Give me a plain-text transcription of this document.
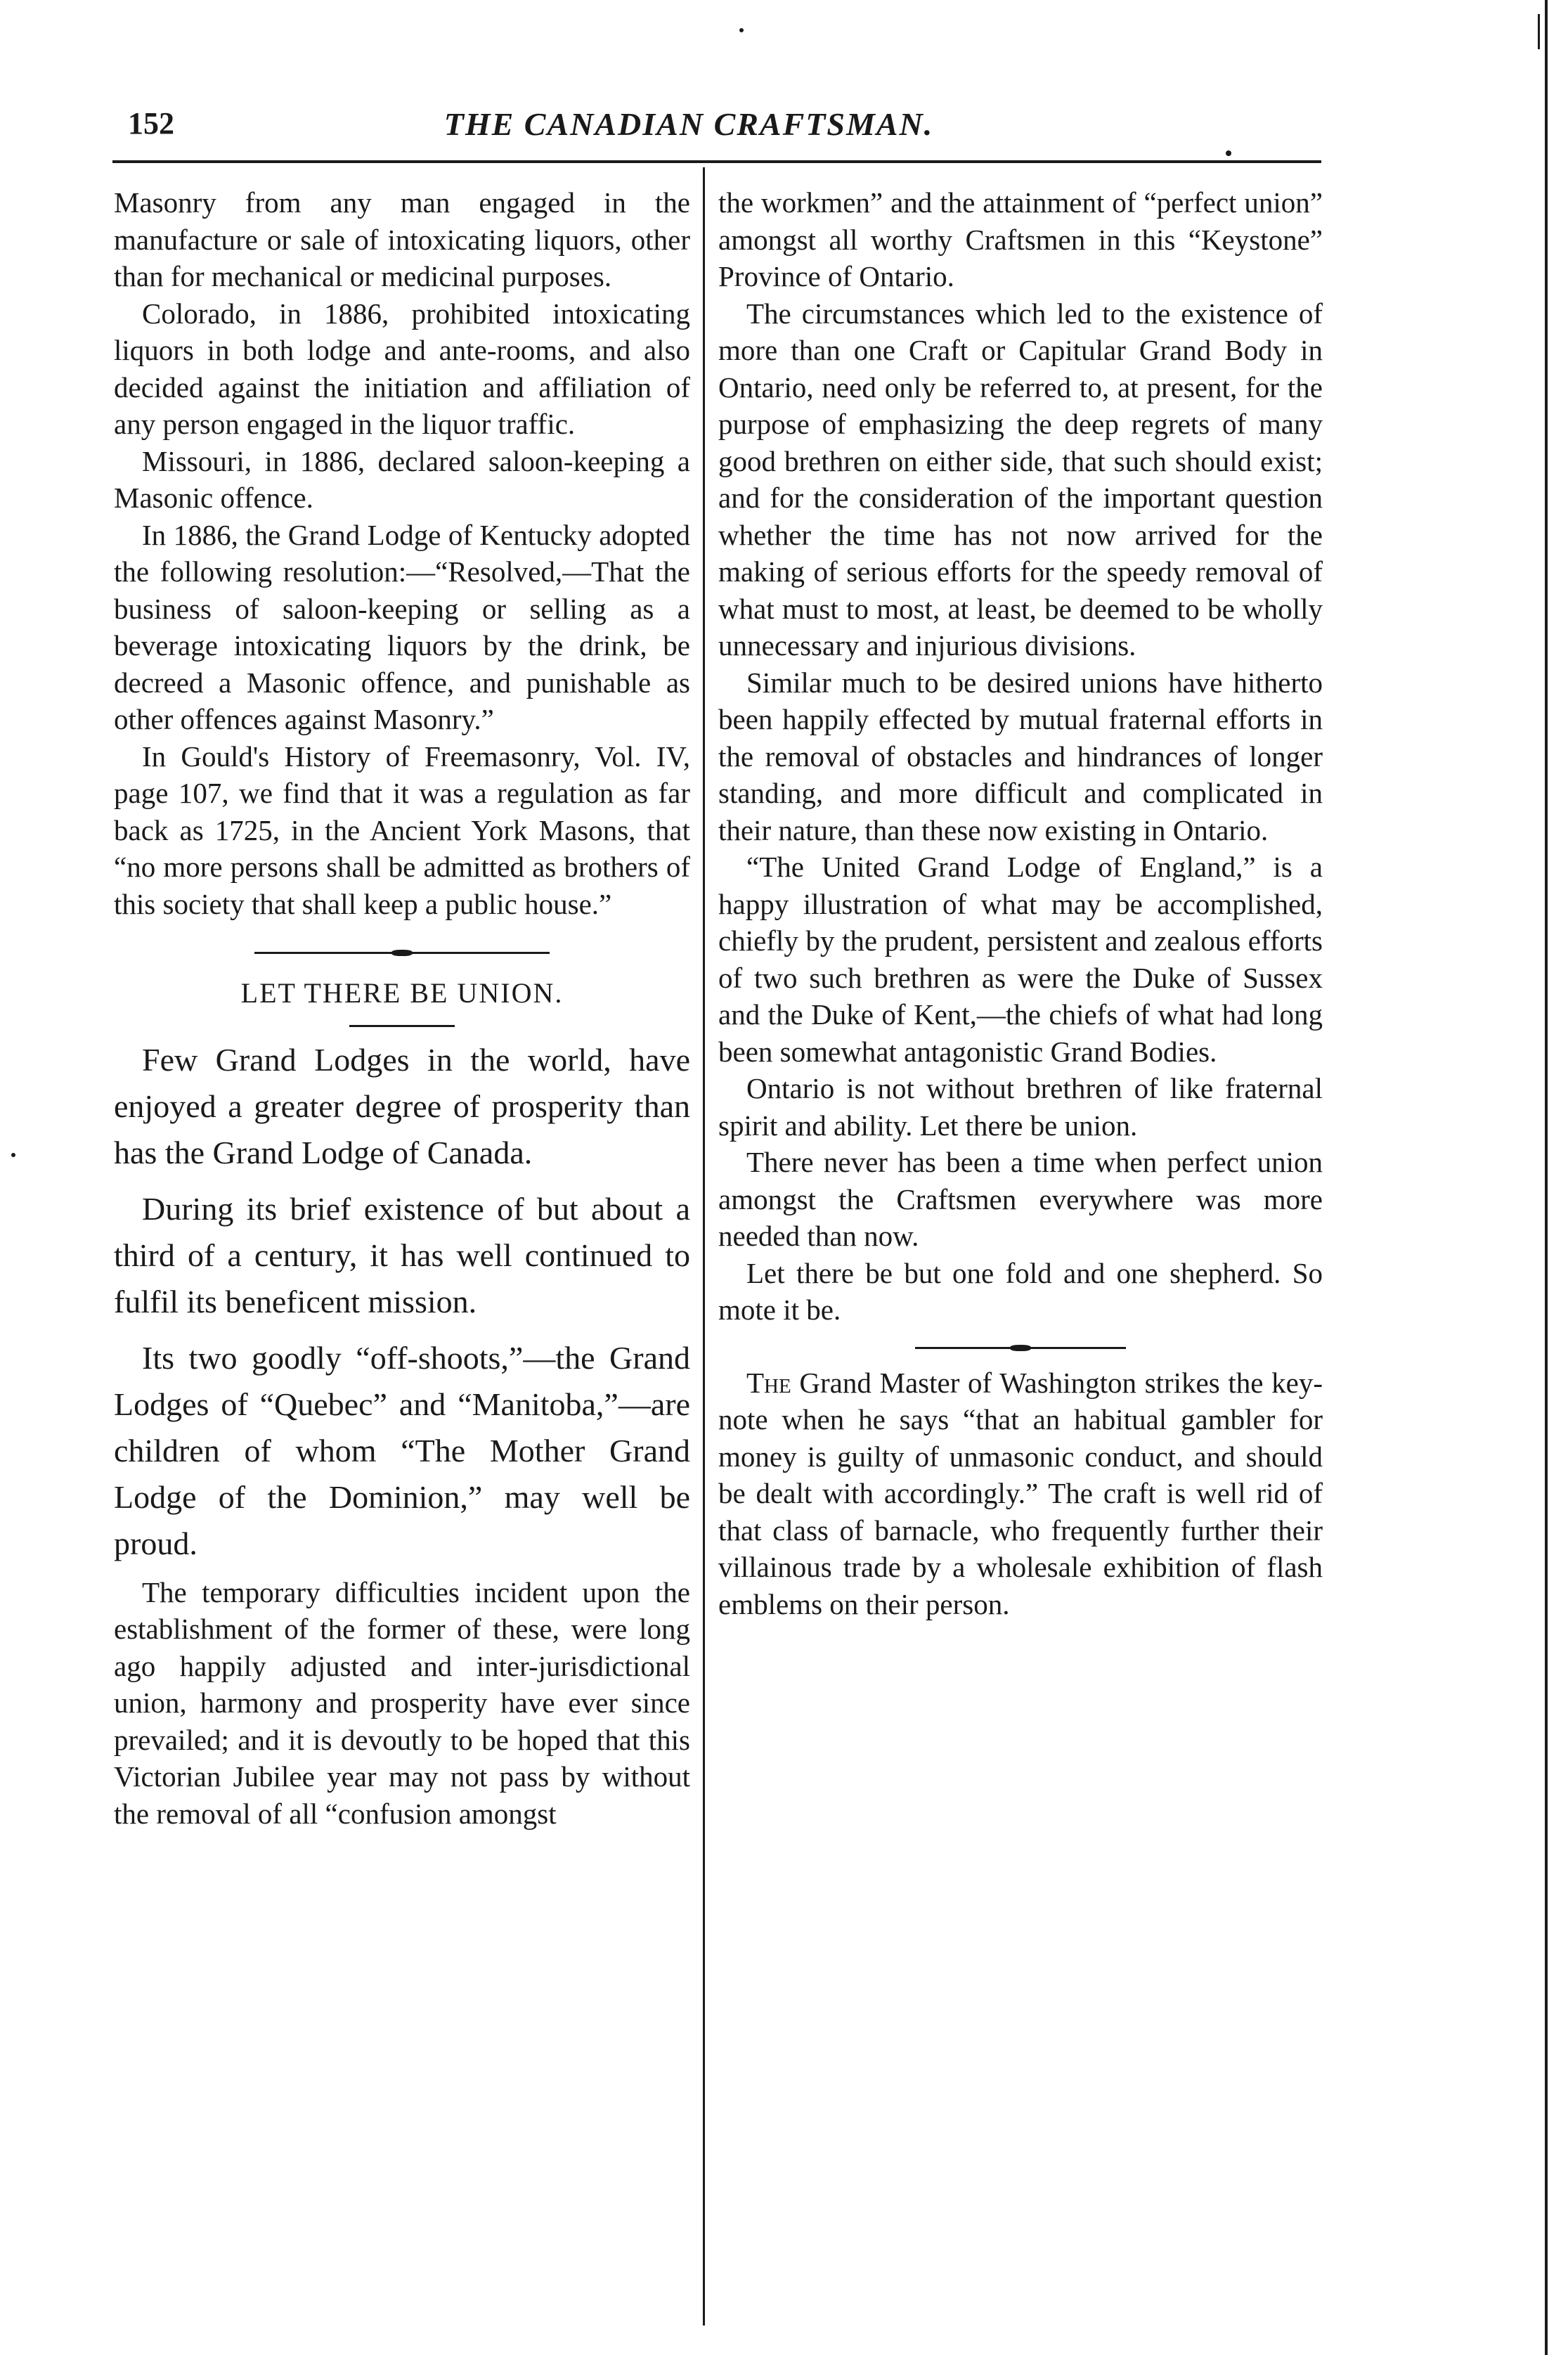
152	THE CANADIAN CRAFTSMAN.

Masonry from any man engaged in the manufacture or sale of intoxicating liquors, other than for mechanical or medicinal purposes.

Colorado, in 1886, prohibited intoxicating liquors in both lodge and ante-rooms, and also decided against the initiation and affiliation of any person engaged in the liquor traffic.

Missouri, in 1886, declared saloon-keeping a Masonic offence.

In 1886, the Grand Lodge of Kentucky adopted the following resolution:—“Resolved,—That the business of saloon-keeping or selling as a beverage intoxicating liquors by the drink, be decreed a Masonic offence, and punishable as other offences against Masonry.”

In Gould's History of Freemasonry, Vol. IV, page 107, we find that it was a regulation as far back as 1725, in the Ancient York Masons, that “no more persons shall be admitted as brothers of this society that shall keep a public house.”

LET THERE BE UNION.

Few Grand Lodges in the world, have enjoyed a greater degree of prosperity than has the Grand Lodge of Canada.

During its brief existence of but about a third of a century, it has well continued to fulfil its beneficent mission.

Its two goodly “off-shoots,”—the Grand Lodges of “Quebec” and “Manitoba,”—are children of whom “The Mother Grand Lodge of the Dominion,” may well be proud.

The temporary difficulties incident upon the establishment of the former of these, were long ago happily adjusted and inter-jurisdictional union, harmony and prosperity have ever since prevailed; and it is devoutly to be hoped that this Victorian Jubilee year may not pass by without the removal of all “confusion amongst

the workmen” and the attainment of “perfect union” amongst all worthy Craftsmen in this “Keystone” Province of Ontario.

The circumstances which led to the existence of more than one Craft or Capitular Grand Body in Ontario, need only be referred to, at present, for the purpose of emphasizing the deep regrets of many good brethren on either side, that such should exist; and for the consideration of the important question whether the time has not now arrived for the making of serious efforts for the speedy removal of what must to most, at least, be deemed to be wholly unnecessary and injurious divisions.

Similar much to be desired unions have hitherto been happily effected by mutual fraternal efforts in the removal of obstacles and hindrances of longer standing, and more difficult and complicated in their nature, than these now existing in Ontario.

“The United Grand Lodge of England,” is a happy illustration of what may be accomplished, chiefly by the prudent, persistent and zealous efforts of two such brethren as were the Duke of Sussex and the Duke of Kent,—the chiefs of what had long been somewhat antagonistic Grand Bodies.

Ontario is not without brethren of like fraternal spirit and ability. Let there be union.

There never has been a time when perfect union amongst the Craftsmen everywhere was more needed than now.

Let there be but one fold and one shepherd. So mote it be.

The Grand Master of Washington strikes the key-note when he says “that an habitual gambler for money is guilty of unmasonic conduct, and should be dealt with accordingly.” The craft is well rid of that class of barnacle, who frequently further their villainous trade by a wholesale exhibition of flash emblems on their person.
